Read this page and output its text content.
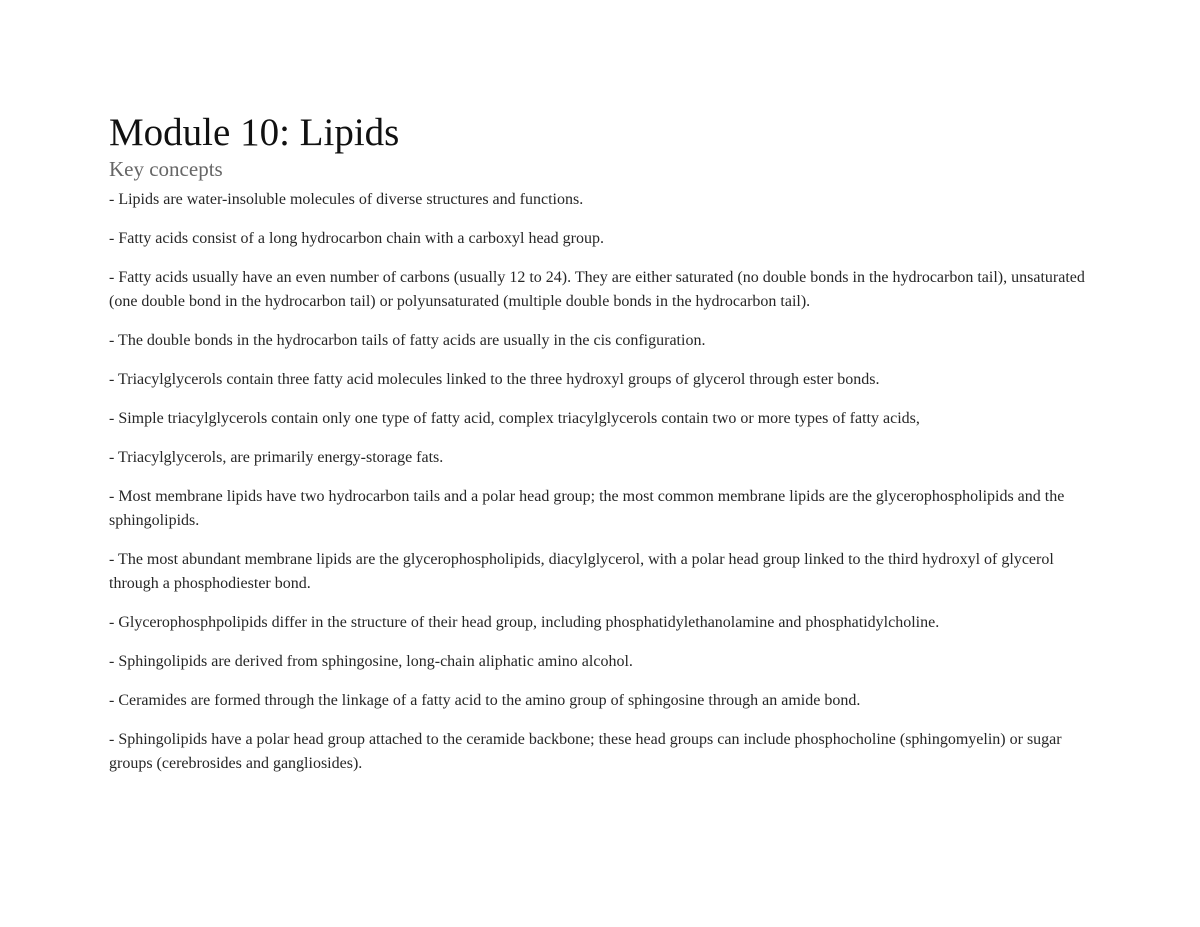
Module 10: Lipids
Key concepts
- Lipids are water-insoluble molecules of diverse structures and functions.
- Fatty acids consist of a long hydrocarbon chain with a carboxyl head group.
- Fatty acids usually have an even number of carbons (usually 12 to 24). They are either saturated (no double bonds in the hydrocarbon tail), unsaturated (one double bond in the hydrocarbon tail) or polyunsaturated (multiple double bonds in the hydrocarbon tail).
- The double bonds in the hydrocarbon tails of fatty acids are usually in the cis configuration.
- Triacylglycerols contain three fatty acid molecules linked to the three hydroxyl groups of glycerol through ester bonds.
- Simple triacylglycerols contain only one type of fatty acid, complex triacylglycerols contain two or more types of fatty acids,
- Triacylglycerols, are primarily energy-storage fats.
- Most membrane lipids have two hydrocarbon tails and a polar head group; the most common membrane lipids are the glycerophospholipids and the sphingolipids.
- The most abundant membrane lipids are the glycerophospholipids, diacylglycerol, with a polar head group linked to the third hydroxyl of glycerol through a phosphodiester bond.
- Glycerophosphpolipids differ in the structure of their head group, including phosphatidylethanolamine and phosphatidylcholine.
- Sphingolipids are derived from sphingosine, long-chain aliphatic amino alcohol.
- Ceramides are formed through the linkage of a fatty acid to the amino group of sphingosine through an amide bond.
- Sphingolipids have a polar head group attached to the ceramide backbone; these head groups can include phosphocholine (sphingomyelin) or sugar groups (cerebrosides and gangliosides).
